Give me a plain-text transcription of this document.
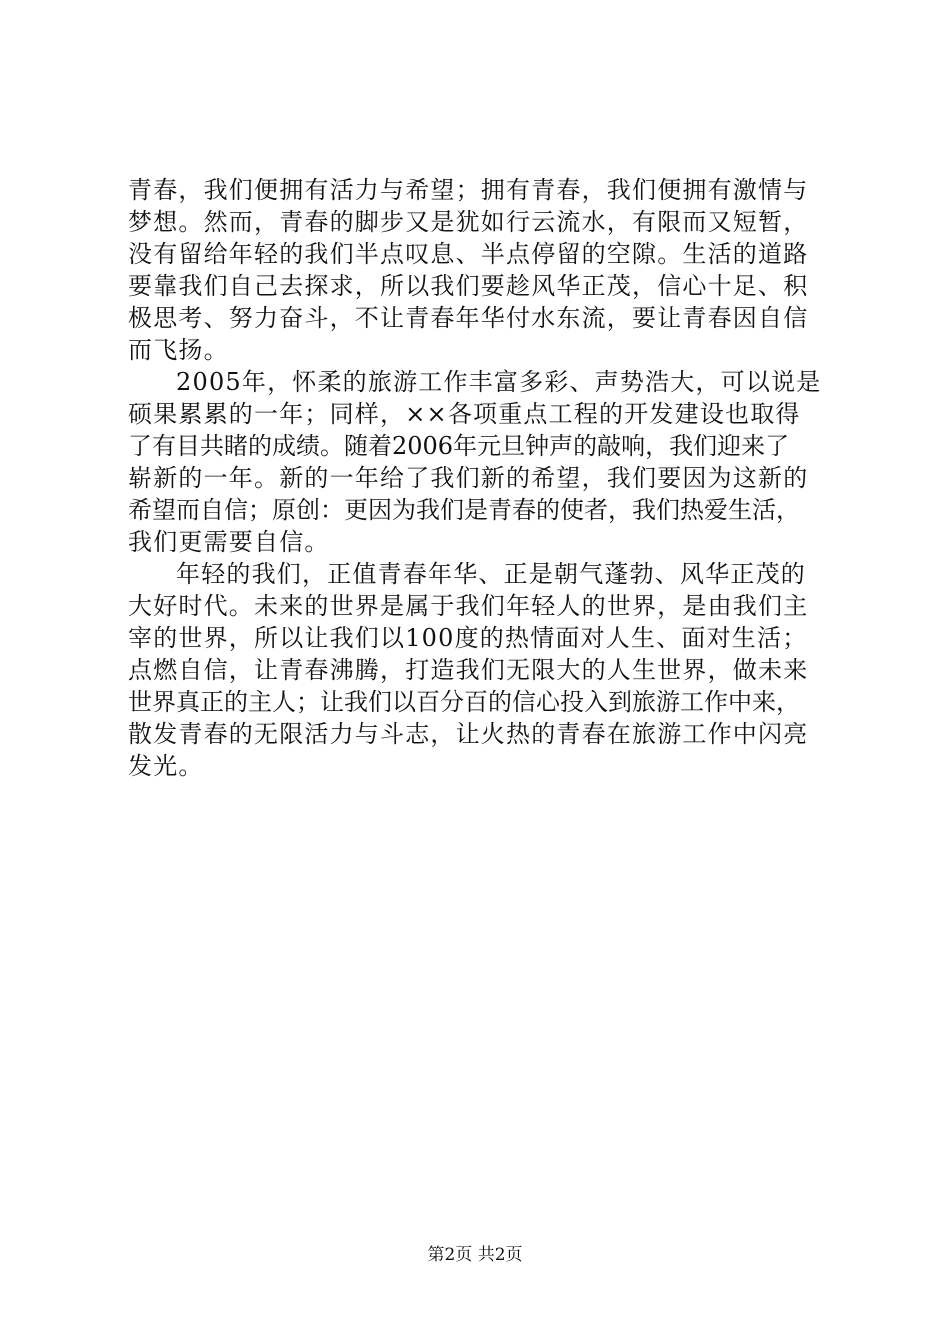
青春，我们便拥有活力与希望；拥有青春，我们便拥有激情与
梦想。然而，青春的脚步又是犹如行云流水，有限而又短暂，
没有留给年轻的我们半点叹息、半点停留的空隙。生活的道路
要靠我们自己去探求，所以我们要趁风华正茂，信心十足、积
极思考、努力奋斗，不让青春年华付水东流，要让青春因自信
而飞扬。
2005年，怀柔的旅游工作丰富多彩、声势浩大，可以说是
硕果累累的一年；同样，××各项重点工程的开发建设也取得
了有目共睹的成绩。随着2006年元旦钟声的敲响，我们迎来了
崭新的一年。新的一年给了我们新的希望，我们要因为这新的
希望而自信；原创：更因为我们是青春的使者，我们热爱生活，
我们更需要自信。
年轻的我们，正值青春年华、正是朝气蓬勃、风华正茂的
大好时代。未来的世界是属于我们年轻人的世界，是由我们主
宰的世界，所以让我们以100度的热情面对人生、面对生活；
点燃自信，让青春沸腾，打造我们无限大的人生世界，做未来
世界真正的主人；让我们以百分百的信心投入到旅游工作中来，
散发青春的无限活力与斗志，让火热的青春在旅游工作中闪亮
发光。
第2页 共2页
